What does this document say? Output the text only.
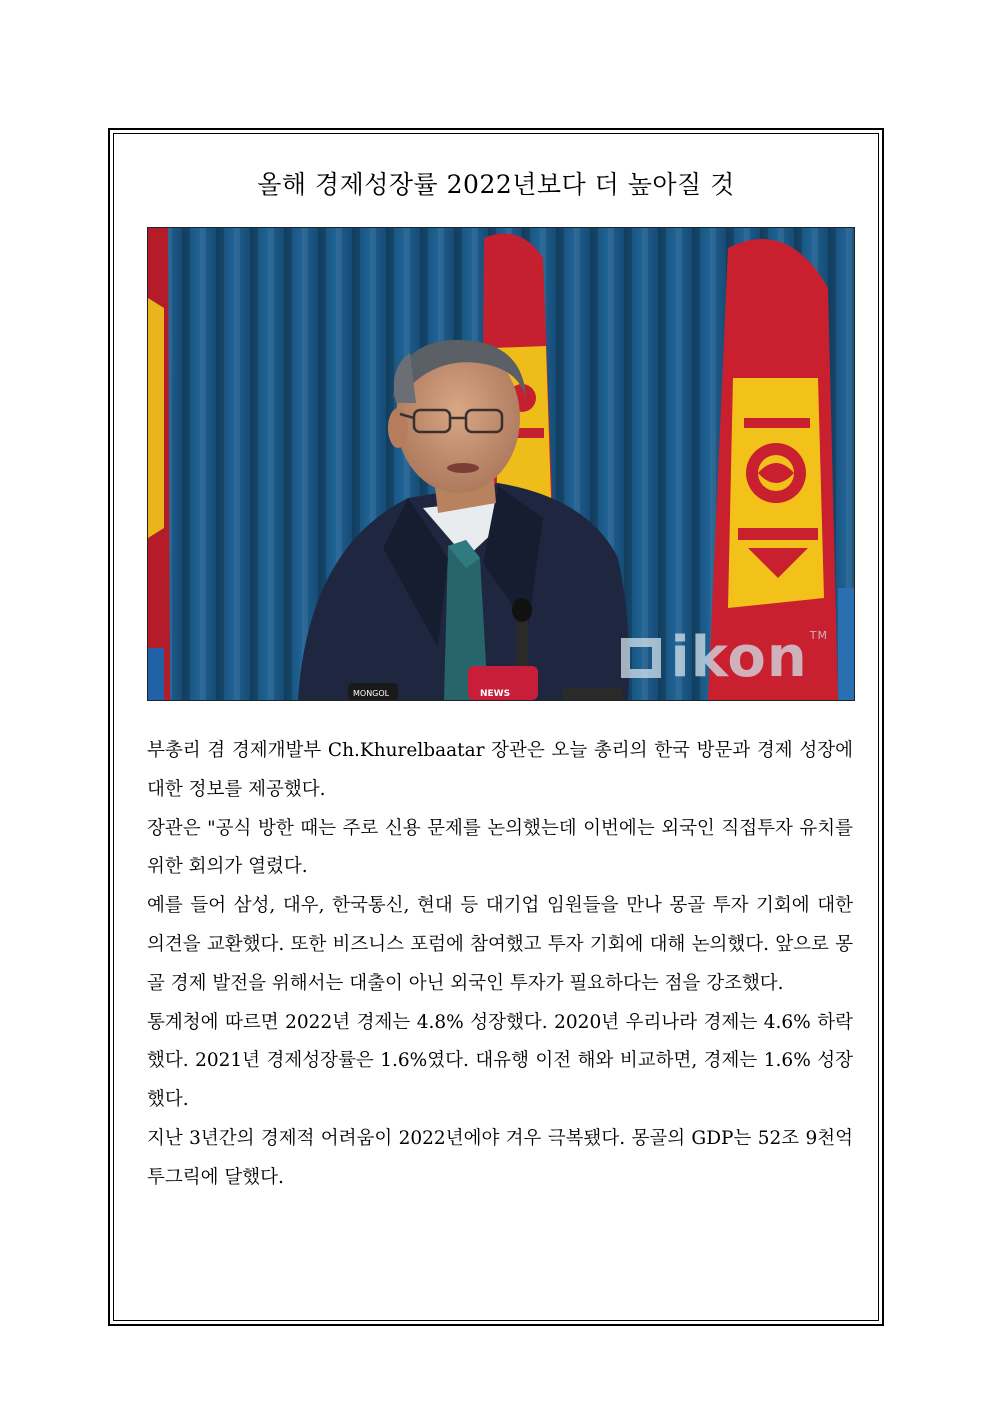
올해 경제성장률 2022년보다 더 높아질 것
NEWS
MONGOL
ikon TM

부총리 겸 경제개발부 Ch.Khurelbaatar 장관은 오늘 총리의 한국 방문과 경제 성장에 대한 정보를 제공했다.

장관은 "공식 방한 때는 주로 신용 문제를 논의했는데 이번에는 외국인 직접투자 유치를 위한 회의가 열렸다.

예를 들어 삼성, 대우, 한국통신, 현대 등 대기업 임원들을 만나 몽골 투자 기회에 대한 의견을 교환했다. 또한 비즈니스 포럼에 참여했고 투자 기회에 대해 논의했다. 앞으로 몽골 경제 발전을 위해서는 대출이 아닌 외국인 투자가 필요하다는 점을 강조했다.

통계청에 따르면 2022년 경제는 4.8% 성장했다. 2020년 우리나라 경제는 4.6% 하락했다. 2021년 경제성장률은 1.6%였다. 대유행 이전 해와 비교하면, 경제는 1.6% 성장했다.

지난 3년간의 경제적 어려움이 2022년에야 겨우 극복됐다. 몽골의 GDP는 52조 9천억 투그릭에 달했다.
